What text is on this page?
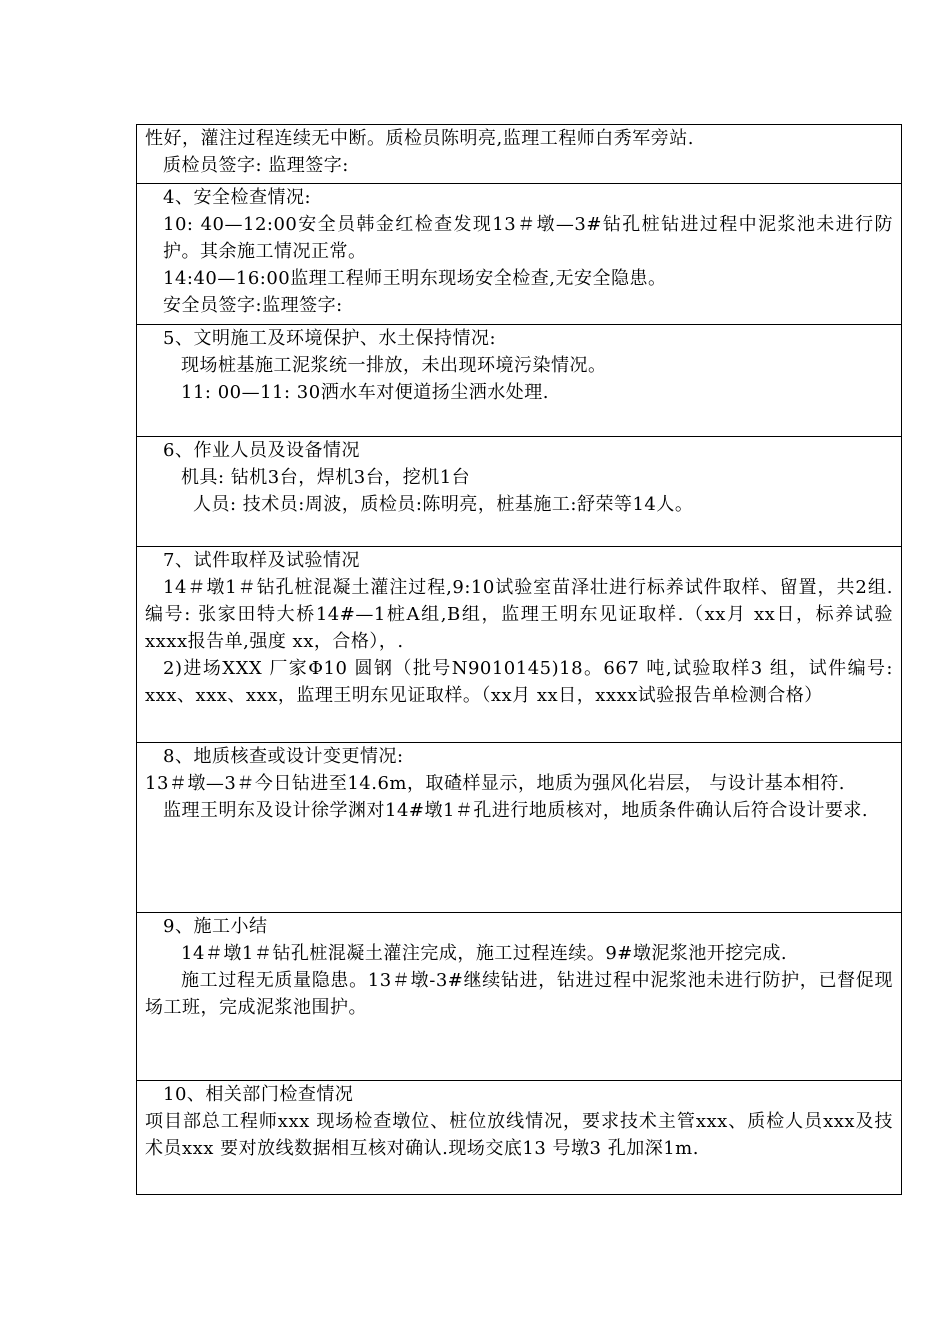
性好，灌注过程连续无中断。质检员陈明亮,监理工程师白秀军旁站.
质检员签字: 监理签字:
4、安全检查情况:
10: 40—12:00安全员韩金红检查发现13＃墩—3#钻孔桩钻进过程中泥浆池未进行防护。其余施工情况正常。
14:40—16:00监理工程师王明东现场安全检查,无安全隐患。
安全员签字:监理签字:
5、文明施工及环境保护、水土保持情况:
现场桩基施工泥浆统一排放，未出现环境污染情况。
11: 00—11: 30洒水车对便道扬尘洒水处理.
6、作业人员及设备情况
机具: 钻机3台，焊机3台，挖机1台
人员: 技术员:周波，质检员:陈明亮，桩基施工:舒荣等14人。
7、试件取样及试验情况
14＃墩1＃钻孔桩混凝土灌注过程,9:10试验室苗泽壮进行标养试件取样、留置，共2组.编号: 张家田特大桥14#—1桩A组,B组，监理王明东见证取样.（xx月 xx日，标养试验 xxxx报告单,强度 xx，合格），.
2)进场XXX 厂家Φ10 圆钢（批号N9010145)18。667 吨,试验取样3 组，试件编号: xxx、xxx、xxx，监理王明东见证取样。（xx月 xx日，xxxx试验报告单检测合格）
8、地质核查或设计变更情况:
13＃墩—3＃今日钻进至14.6m，取碴样显示，地质为强风化岩层， 与设计基本相符.
监理王明东及设计徐学渊对14#墩1＃孔进行地质核对，地质条件确认后符合设计要求.
9、施工小结
14＃墩1＃钻孔桩混凝土灌注完成，施工过程连续。9#墩泥浆池开挖完成.
施工过程无质量隐患。13＃墩-3#继续钻进，钻进过程中泥浆池未进行防护，已督促现场工班，完成泥浆池围护。
10、相关部门检查情况
项目部总工程师xxx 现场检查墩位、桩位放线情况，要求技术主管xxx、质检人员xxx及技术员xxx 要对放线数据相互核对确认.现场交底13 号墩3 孔加深1m.
